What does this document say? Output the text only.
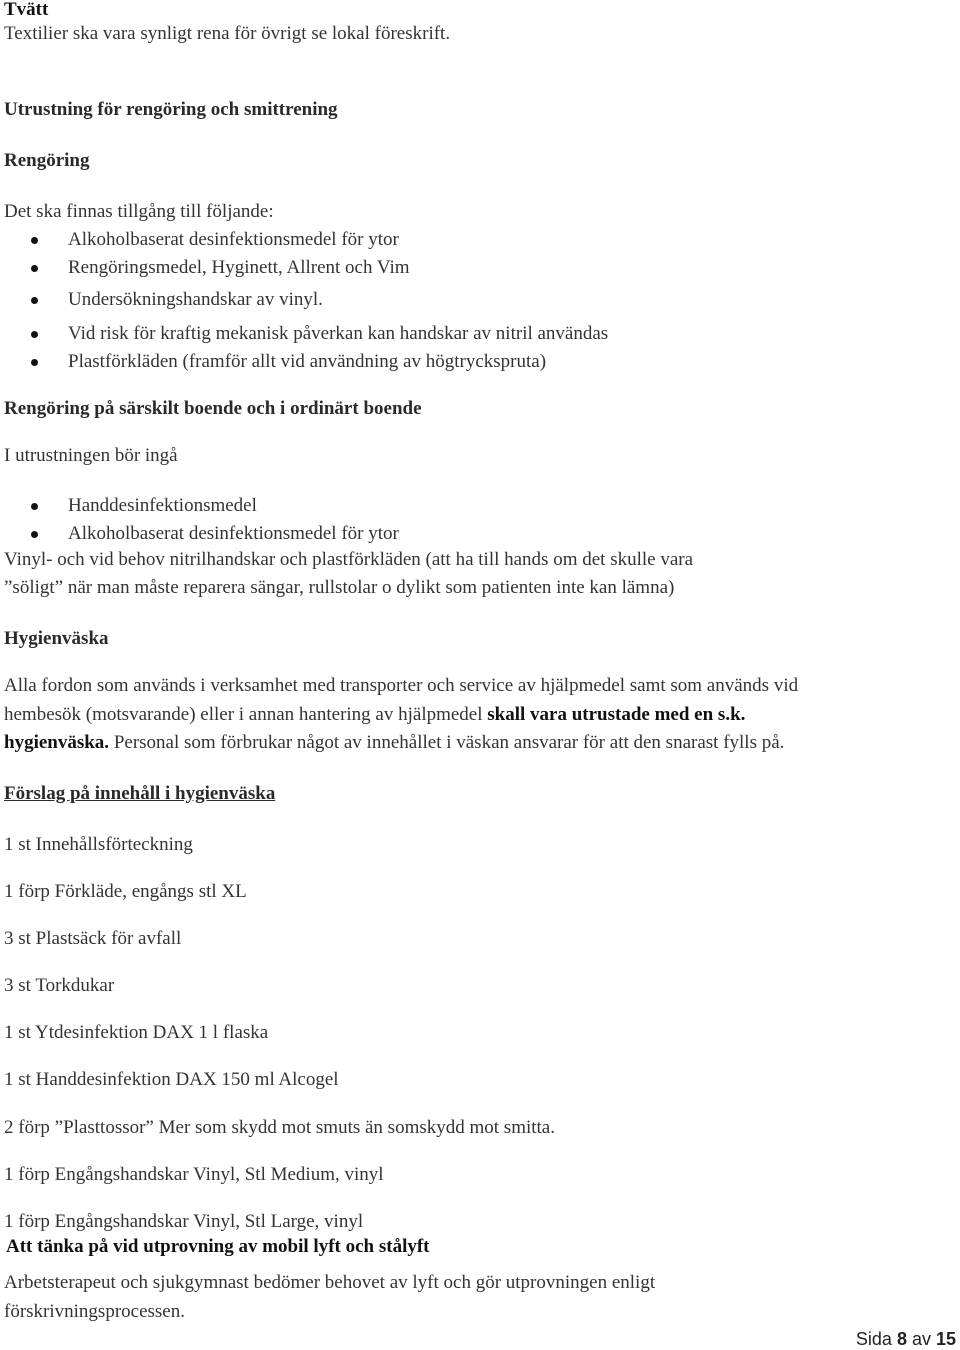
Tvätt
Textilier ska vara synligt rena för övrigt se lokal föreskrift.
Utrustning för rengöring och smittrening
Rengöring
Det ska finnas tillgång till följande:
Alkoholbaserat desinfektionsmedel för ytor
Rengöringsmedel, Hyginett, Allrent och Vim
Undersökningshandskar av vinyl.
Vid risk för kraftig mekanisk påverkan kan handskar av nitril användas
Plastförkläden (framför allt vid användning av högtryckspruta)
Rengöring på särskilt boende och i ordinärt boende
I utrustningen bör ingå
Handdesinfektionsmedel
Alkoholbaserat desinfektionsmedel för ytor
Vinyl- och vid behov nitrilhandskar och plastförkläden (att ha till hands om det skulle vara
”söligt” när man måste reparera sängar, rullstolar o dylikt som patienten inte kan lämna)
Hygienväska
Alla fordon som används i verksamhet med transporter och service av hjälpmedel samt som används vid
hembesök (motsvarande) eller i annan hantering av hjälpmedel skall vara utrustade med en s.k.
hygienväska. Personal som förbrukar något av innehållet i väskan ansvarar för att den snarast fylls på.
Förslag på innehåll i hygienväska
1 st Innehållsförteckning
1 förp Förkläde, engångs stl XL
3 st Plastsäck för avfall
3 st Torkdukar
1 st Ytdesinfektion DAX 1 l flaska
1 st Handdesinfektion DAX 150 ml Alcogel
2 förp ”Plasttossor” Mer som skydd mot smuts än somskydd mot smitta.
1 förp Engångshandskar Vinyl, Stl Medium, vinyl
1 förp Engångshandskar Vinyl, Stl Large, vinyl
Att tänka på vid utprovning av mobil lyft och stålyft
Arbetsterapeut och sjukgymnast bedömer behovet av lyft och gör utprovningen enligt
förskrivningsprocessen.
Sida 8 av 15
